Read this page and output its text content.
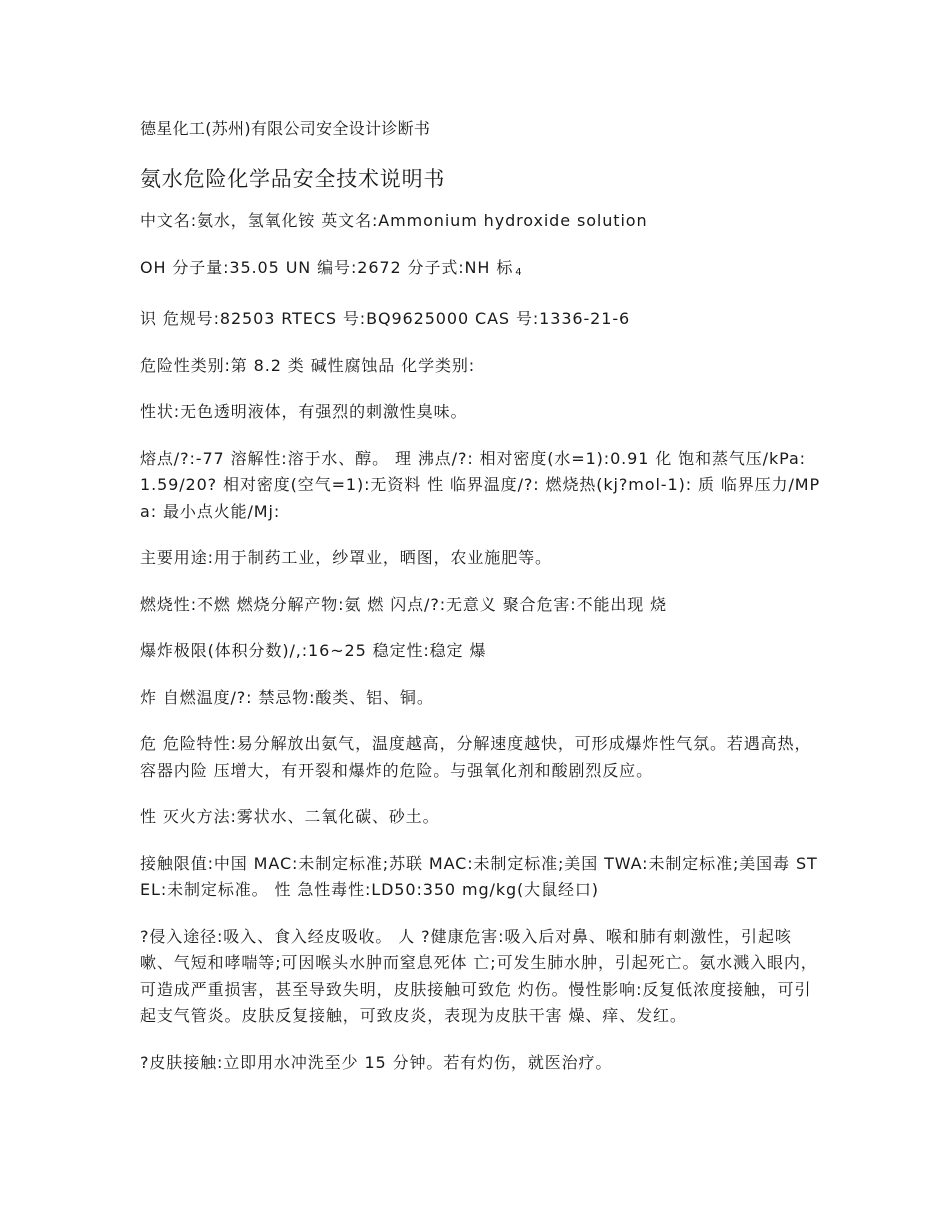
德星化工(苏州)有限公司安全设计诊断书
氨水危险化学品安全技术说明书

中文名:氨水，氢氧化铵 英文名:Ammonium hydroxide solution

OH 分子量:35.05 UN 编号:2672 分子式:NH 标 $_4$

识 危规号:82503 RTECS 号:BQ9625000 CAS 号:1336-21-6

危险性类别:第 8.2 类 碱性腐蚀品 化学类别:

性状:无色透明液体，有强烈的刺激性臭味。

熔点/?:-77 溶解性:溶于水、醇。 理 沸点/?: 相对密度(水=1):0.91 化 饱和蒸气压/kPa:1.59/20? 相对密度(空气=1):无资料 性 临界温度/?: 燃烧热(kj?mol-1): 质 临界压力/MPa: 最小点火能/Mj:

主要用途:用于制药工业，纱罩业，晒图，农业施肥等。

燃烧性:不燃 燃烧分解产物:氨 燃 闪点/?:无意义 聚合危害:不能出现 烧

爆炸极限(体积分数)/,:16~25 稳定性:稳定 爆

炸 自燃温度/?: 禁忌物:酸类、铝、铜。

危 危险特性:易分解放出氨气，温度越高，分解速度越快，可形成爆炸性气氛。若遇高热，容器内险 压增大，有开裂和爆炸的危险。与强氧化剂和酸剧烈反应。

性 灭火方法:雾状水、二氧化碳、砂土。

接触限值:中国 MAC:未制定标准;苏联 MAC:未制定标准;美国 TWA:未制定标准;美国毒 STEL:未制定标准。 性 急性毒性:LD50:350 mg/kg(大鼠经口)

?侵入途径:吸入、食入经皮吸收。 人 ?健康危害:吸入后对鼻、喉和肺有刺激性，引起咳嗽、气短和哮喘等;可因喉头水肿而窒息死体 亡;可发生肺水肿，引起死亡。氨水溅入眼内，可造成严重损害，甚至导致失明，皮肤接触可致危 灼伤。慢性影响:反复低浓度接触，可引起支气管炎。皮肤反复接触，可致皮炎，表现为皮肤干害 燥、痒、发红。

?皮肤接触:立即用水冲洗至少 15 分钟。若有灼伤，就医治疗。
